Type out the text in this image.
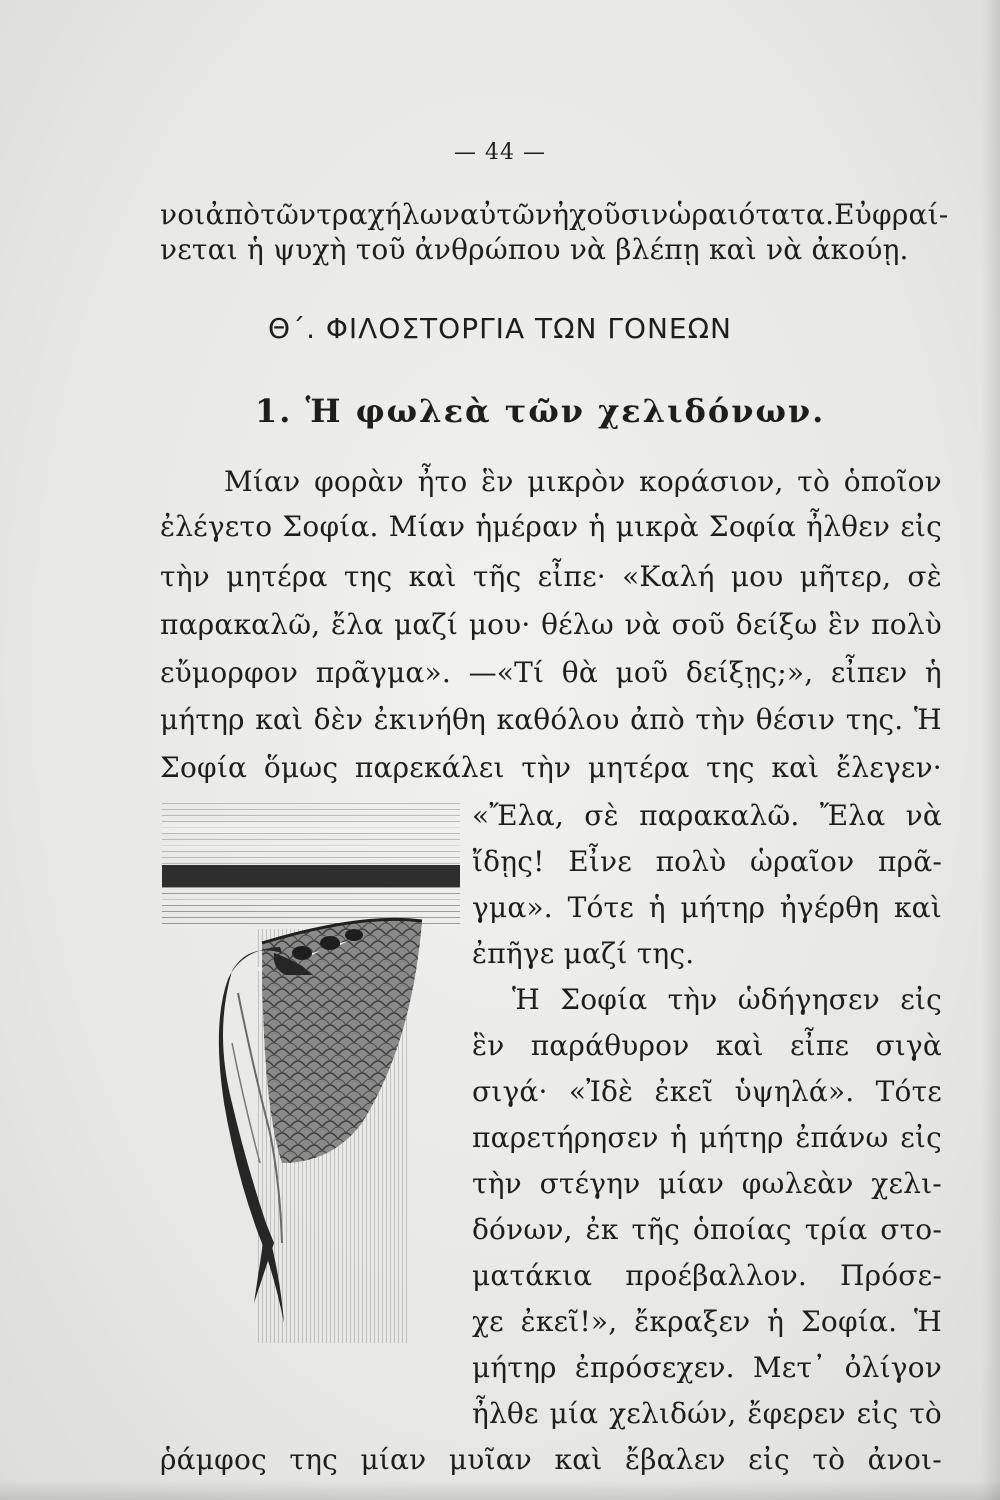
— 44 —
νοι ἀπὸ τῶν τραχήλων αὐτῶν ἠχοῦσιν ὡραιότατα. Εὐφραί-
νεται ἡ ψυχὴ τοῦ ἀνθρώπου νὰ βλέπῃ καὶ νὰ ἀκούῃ.
Θ΄. ΦΙΛΟΣΤΟΡΓΙΑ ΤΩΝ ΓΟΝΕΩΝ
1. Ἡ φωλεὰ τῶν χελιδόνων.
Μίαν φορὰν ἦτο ἓν μικρὸν κοράσιον, τὸ ὁποῖον
ἐλέγετο Σοφία. Μίαν ἡμέραν ἡ μικρὰ Σοφία ἦλθεν εἰς
τὴν μητέρα της καὶ τῆς εἶπε· «Καλή μου μῆτερ, σὲ
παρακαλῶ, ἔλα μαζί μου· θέλω νὰ σοῦ δείξω ἓν πολὺ
εὔμορφον πρᾶγμα». —«Τί θὰ μοῦ δείξῃς;», εἶπεν ἡ
μήτηρ καὶ δὲν ἐκινήθη καθόλου ἀπὸ τὴν θέσιν της. Ἡ
Σοφία ὅμως παρεκάλει τὴν μητέρα της καὶ ἔλεγεν·
«Ἔλα, σὲ παρακαλῶ. Ἔλα νὰ
ἴδῃς! Εἶνε πολὺ ὡραῖον πρᾶ-
γμα». Τότε ἡ μήτηρ ἠγέρθη καὶ
ἐπῆγε μαζί της.
Ἡ Σοφία τὴν ὡδήγησεν εἰς
ἓν παράθυρον καὶ εἶπε σιγὰ
σιγά· «Ἰδὲ ἐκεῖ ὑψηλά». Τότε
παρετήρησεν ἡ μήτηρ ἐπάνω εἰς
τὴν στέγην μίαν φωλεὰν χελι-
δόνων, ἐκ τῆς ὁποίας τρία στο-
ματάκια προέβαλλον. Πρόσε-
χε ἐκεῖ!», ἔκραξεν ἡ Σοφία. Ἡ
μήτηρ ἐπρόσεχεν. Μετ᾽ ὀλίγον
ἦλθε μία χελιδών, ἔφερεν εἰς τὸ
ῥάμφος της μίαν μυῖαν καὶ ἔβαλεν εἰς τὸ ἀνοι-
